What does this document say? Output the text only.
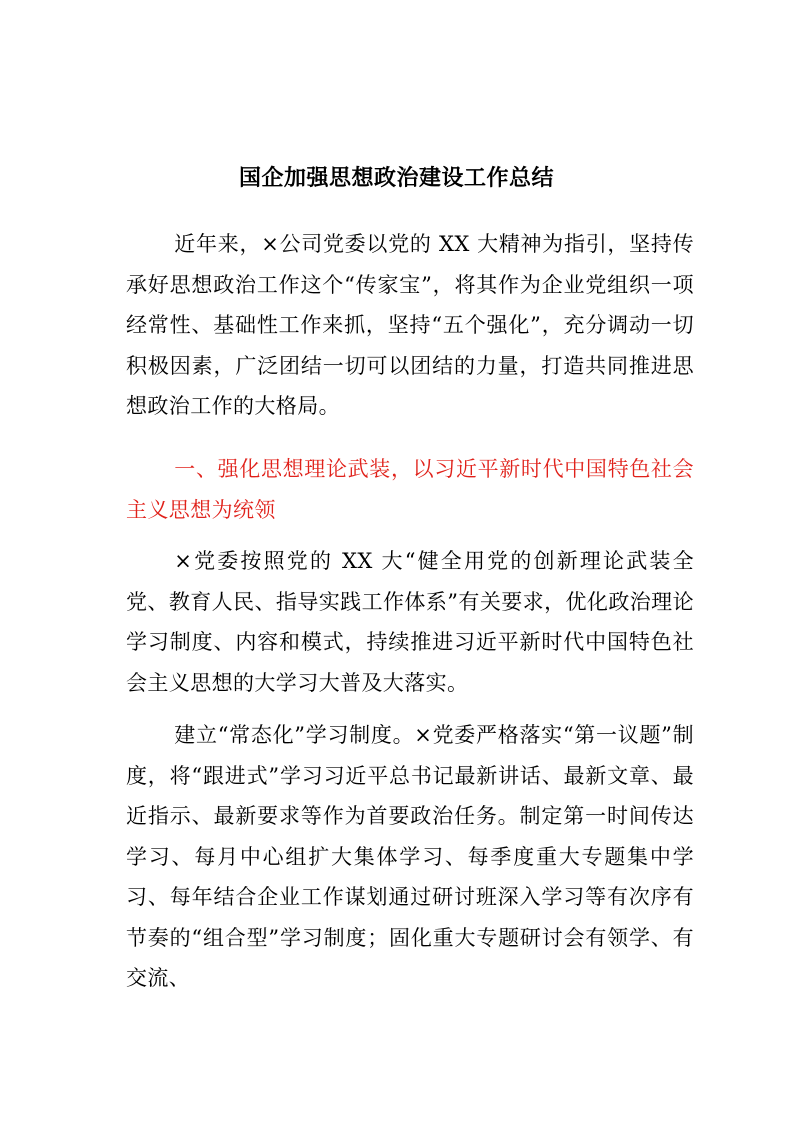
国企加强思想政治建设工作总结

近年来，×公司党委以党的 XX 大精神为指引，坚持传承好思想政治工作这个“传家宝”，将其作为企业党组织一项经常性、基础性工作来抓，坚持“五个强化”，充分调动一切积极因素，广泛团结一切可以团结的力量，打造共同推进思想政治工作的大格局。

一、强化思想理论武装，以习近平新时代中国特色社会主义思想为统领

×党委按照党的 XX 大“健全用党的创新理论武装全党、教育人民、指导实践工作体系”有关要求，优化政治理论学习制度、内容和模式，持续推进习近平新时代中国特色社会主义思想的大学习大普及大落实。

建立“常态化”学习制度。×党委严格落实“第一议题”制度，将“跟进式”学习习近平总书记最新讲话、最新文章、最近指示、最新要求等作为首要政治任务。制定第一时间传达学习、每月中心组扩大集体学习、每季度重大专题集中学习、每年结合企业工作谋划通过研讨班深入学习等有次序有节奏的“组合型”学习制度；固化重大专题研讨会有领学、有交流、
